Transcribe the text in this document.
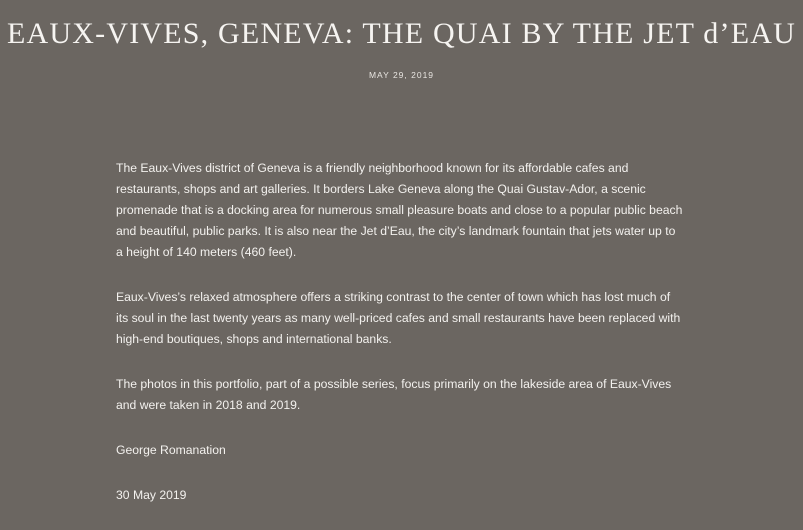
EAUX-VIVES, GENEVA: THE QUAI BY THE JET d’EAU
MAY 29, 2019

The Eaux-Vives district of Geneva is a friendly neighborhood known for its affordable cafes and restaurants, shops and art galleries. It borders Lake Geneva along the Quai Gustav-Ador, a scenic promenade that is a docking area for numerous small pleasure boats and close to a popular public beach and beautiful, public parks. It is also near the Jet d’Eau, the city’s landmark fountain that jets water up to a height of 140 meters (460 feet).

Eaux-Vives’s relaxed atmosphere offers a striking contrast to the center of town which has lost much of its soul in the last twenty years as many well-priced cafes and small restaurants have been replaced with high-end boutiques, shops and international banks.

The photos in this portfolio, part of a possible series, focus primarily on the lakeside area of Eaux-Vives and were taken in 2018 and 2019.

George Romanation

30 May 2019
